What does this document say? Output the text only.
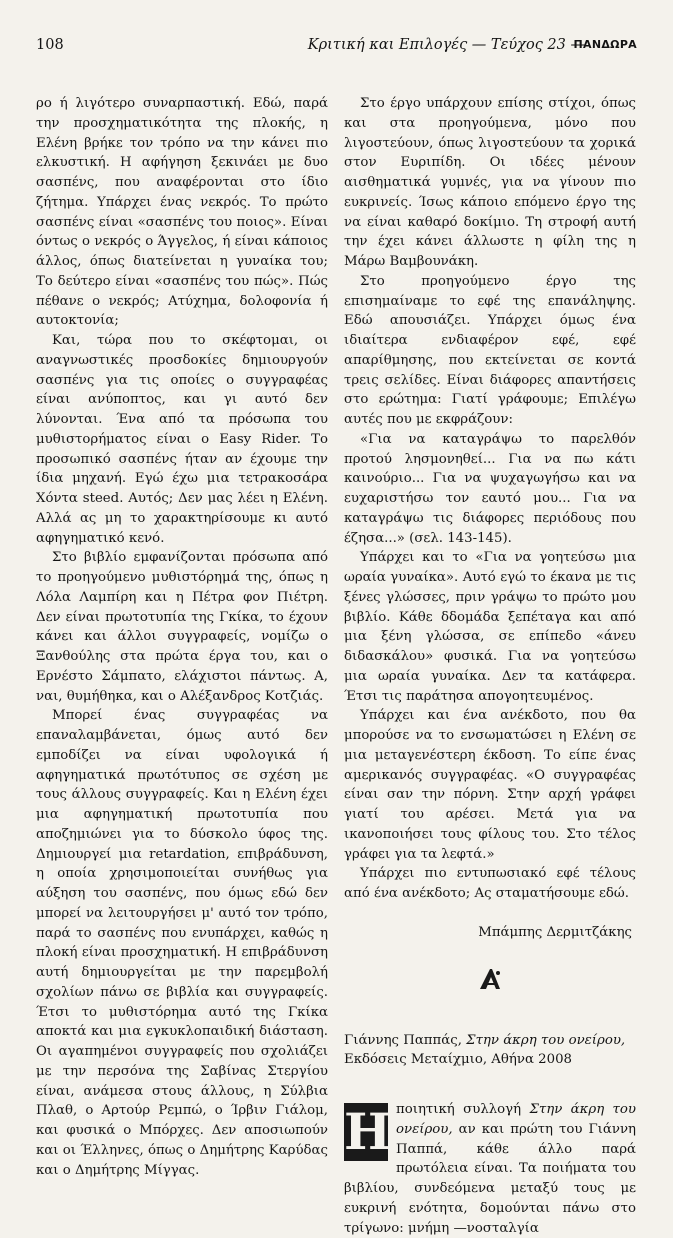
108	Κριτική και Επιλογές — Τεύχος 23 —
ΠΑΝΔΩΡΑ

ρο ή λιγότερο συναρπαστική. Εδώ, παρά την προσχηματικότητα της πλοκής, η Ελένη βρήκε τον τρόπο να την κάνει πιο ελκυστική. Η αφήγηση ξεκινάει με δυο σασπένς, που αναφέρονται στο ίδιο ζήτημα. Υπάρχει ένας νεκρός. Το πρώτο σασπένς είναι «σασπένς του ποιος». Είναι όντως ο νεκρός ο Άγγελος, ή είναι κάποιος άλλος, όπως διατείνεται η γυναίκα του; Το δεύτερο είναι «σασπένς του πώς». Πώς πέθανε ο νεκρός; Ατύχημα, δολοφονία ή αυτοκτονία;

Και, τώρα που το σκέφτομαι, οι αναγνωστικές προσδοκίες δημιουργούν σασπένς για τις οποίες ο συγγραφέας είναι ανύποπτος, και γι αυτό δεν λύνονται. Ένα από τα πρόσωπα του μυθιστορήματος είναι ο Easy Rider. Το προσωπικό σασπένς ήταν αν έχουμε την ίδια μηχανή. Εγώ έχω μια τετρακοσάρα Χόντα steed. Αυτός; Δεν μας λέει η Ελένη. Αλλά ας μη το χαρακτηρίσουμε κι αυτό αφηγηματικό κενό.

Στο βιβλίο εμφανίζονται πρόσωπα από το προηγούμενο μυθιστόρημά της, όπως η Λόλα Λαμπίρη και η Πέτρα φον Πιέτρη. Δεν είναι πρωτοτυπία της Γκίκα, το έχουν κάνει και άλλοι συγγραφείς, νομίζω ο Ξανθούλης στα πρώτα έργα του, και ο Ερνέστο Σάμπατο, ελάχιστοι πάντως. Α, ναι, θυμήθηκα, και ο Αλέξανδρος Κοτζιάς.

Μπορεί ένας συγγραφέας να επαναλαμβάνεται, όμως αυτό δεν εμποδίζει να είναι υφολογικά ή αφηγηματικά πρωτότυπος σε σχέση με τους άλλους συγγραφείς. Και η Ελένη έχει μια αφηγηματική πρωτοτυπία που αποζημιώνει για το δύσκολο ύφος της. Δημιουργεί μια retardation, επιβράδυνση, η οποία χρησιμοποιείται συνήθως για αύξηση του σασπένς, που όμως εδώ δεν μπορεί να λειτουργήσει μ' αυτό τον τρόπο, παρά το σασπένς που ενυπάρχει, καθώς η πλοκή είναι προσχηματική. Η επιβράδυνση αυτή δημιουργείται με την παρεμβολή σχολίων πάνω σε βιβλία και συγγραφείς. Έτσι το μυθιστόρημα αυτό της Γκίκα αποκτά και μια εγκυκλοπαιδική διάσταση. Οι αγαπημένοι συγγραφείς που σχολιάζει με την περσόνα της Σαβίνας Στεργίου είναι, ανάμεσα στους άλλους, η Σύλβια Πλαθ, ο Αρτούρ Ρεμπώ, ο Ίρβιν Γιάλομ, και φυσικά ο Μπόρχες. Δεν αποσιωπούν και οι Έλληνες, όπως ο Δημήτρης Καρύδας και ο Δημήτρης Μίγγας.

Στο έργο υπάρχουν επίσης στίχοι, όπως και στα προηγούμενα, μόνο που λιγοστεύουν, όπως λιγοστεύουν τα χορικά στον Ευριπίδη. Οι ιδέες μένουν αισθηματικά γυμνές, για να γίνουν πιο ευκρινείς. Ίσως κάποιο επόμενο έργο της να είναι καθαρό δοκίμιο. Τη στροφή αυτή την έχει κάνει άλλωστε η φίλη της η Μάρω Βαμβουνάκη.

Στο προηγούμενο έργο της επισημαίναμε το εφέ της επανάληψης. Εδώ απουσιάζει. Υπάρχει όμως ένα ιδιαίτερα ενδιαφέρον εφέ, εφέ απαρίθμησης, που εκτείνεται σε κοντά τρεις σελίδες. Είναι διάφορες απαντήσεις στο ερώτημα: Γιατί γράφουμε; Επιλέγω αυτές που με εκφράζουν:

«Για να καταγράψω το παρελθόν προτού λησμονηθεί... Για να πω κάτι καινούριο... Για να ψυχαγωγήσω και να ευχαριστήσω τον εαυτό μου... Για να καταγράψω τις διάφορες περιόδους που έζησα...» (σελ. 143-145).

Υπάρχει και το «Για να γοητεύσω μια ωραία γυναίκα». Αυτό εγώ το έκανα με τις ξένες γλώσσες, πριν γράψω το πρώτο μου βιβλίο. Κάθε δδομάδα ξεπέταγα και από μια ξένη γλώσσα, σε επίπεδο «άνευ διδασκάλου» φυσικά. Για να γοητεύσω μια ωραία γυναίκα. Δεν τα κατάφερα. Έτσι τις παράτησα απογοητευμένος.

Υπάρχει και ένα ανέκδοτο, που θα μπορούσε να το ενσωματώσει η Ελένη σε μια μεταγενέστερη έκδοση. Το είπε ένας αμερικανός συγγραφέας. «Ο συγγραφέας είναι σαν την πόρνη. Στην αρχή γράφει γιατί του αρέσει. Μετά για να ικανοποιήσει τους φίλους του. Στο τέλος γράφει για τα λεφτά.»

Υπάρχει πιο εντυπωσιακό εφέ τέλους από ένα ανέκδοτο; Ας σταματήσουμε εδώ.

Μπάμπης Δερμιτζάκης

Γιάννης Παππάς, Στην άκρη του ονείρου,
Εκδόσεις Μεταίχμιο, Αθήνα 2008
Η ποιητική συλλογή Στην άκρη του ονείρου, αν και πρώτη του Γιάννη Παππά, κάθε άλλο παρά πρωτόλεια είναι. Τα ποιήματα του βιβλίου, συνδεόμενα μεταξύ τους με ευκρινή ενότητα, δομούνται πάνω στο τρίγωνο: μνήμη —νοσταλγία
